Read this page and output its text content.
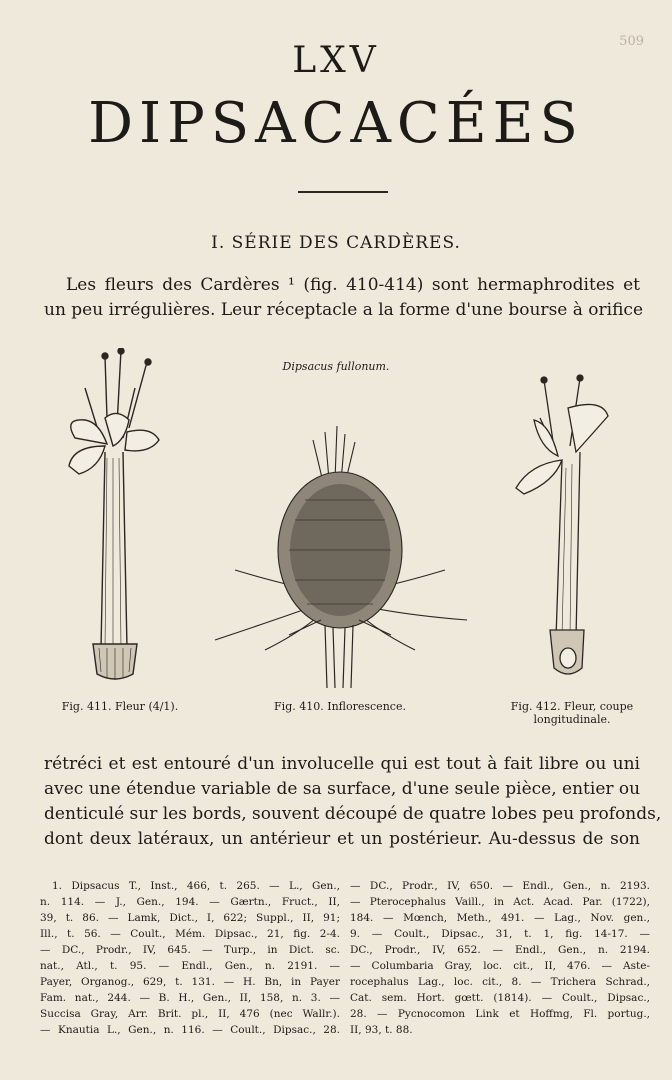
509
LXV
DIPSACACÉES
I. SÉRIE DES CARDÈRES.
Les fleurs des Cardères ¹ (fig. 410-414) sont hermaphrodites et
un peu irrégulières. Leur réceptacle a la forme d'une bourse à orifice
Dipsacus fullonum.
Fig. 411. Fleur (4/1).	Fig. 410. Inflorescence.	Fig. 412. Fleur, coupe
longitudinale.
rétréci et est entouré d'un involucelle qui est tout à fait libre ou uni
avec une étendue variable de sa surface, d'une seule pièce, entier ou
denticulé sur les bords, souvent découpé de quatre lobes peu profonds,
dont deux latéraux, un antérieur et un postérieur. Au-dessus de son
1. Dipsacus T., Inst., 466, t. 265. — L., Gen.,
n. 114. — J., Gen., 194. — Gærtn., Fruct., II,
39, t. 86. — Lamk, Dict., I, 622; Suppl., II, 91;
Ill., t. 56. — Coult., Mém. Dipsac., 21, fig. 2-4.
— DC., Prodr., IV, 645. — Turp., in Dict. sc.
nat., Atl., t. 95. — Endl., Gen., n. 2191. —
Payer, Organog., 629, t. 131. — H. Bn, in Payer
Fam. nat., 244. — B. H., Gen., II, 158, n. 3. —
Succisa Gray, Arr. Brit. pl., II, 476 (nec Wallr.).
— Knautia L., Gen., n. 116. — Coult., Dipsac., 28.
— DC., Prodr., IV, 650. — Endl., Gen., n. 2193.
— Pterocephalus Vaill., in Act. Acad. Par. (1722),
184. — Mœnch, Meth., 491. — Lag., Nov. gen.,
9. — Coult., Dipsac., 31, t. 1, fig. 14-17. —
DC., Prodr., IV, 652. — Endl., Gen., n. 2194.
— Columbaria Gray, loc. cit., II, 476. — Aste-
rocephalus Lag., loc. cit., 8. — Trichera Schrad.,
Cat. sem. Hort. gœtt. (1814). — Coult., Dipsac.,
28. — Pycnocomon Link et Hoffmg, Fl. portug.,
II, 93, t. 88.
